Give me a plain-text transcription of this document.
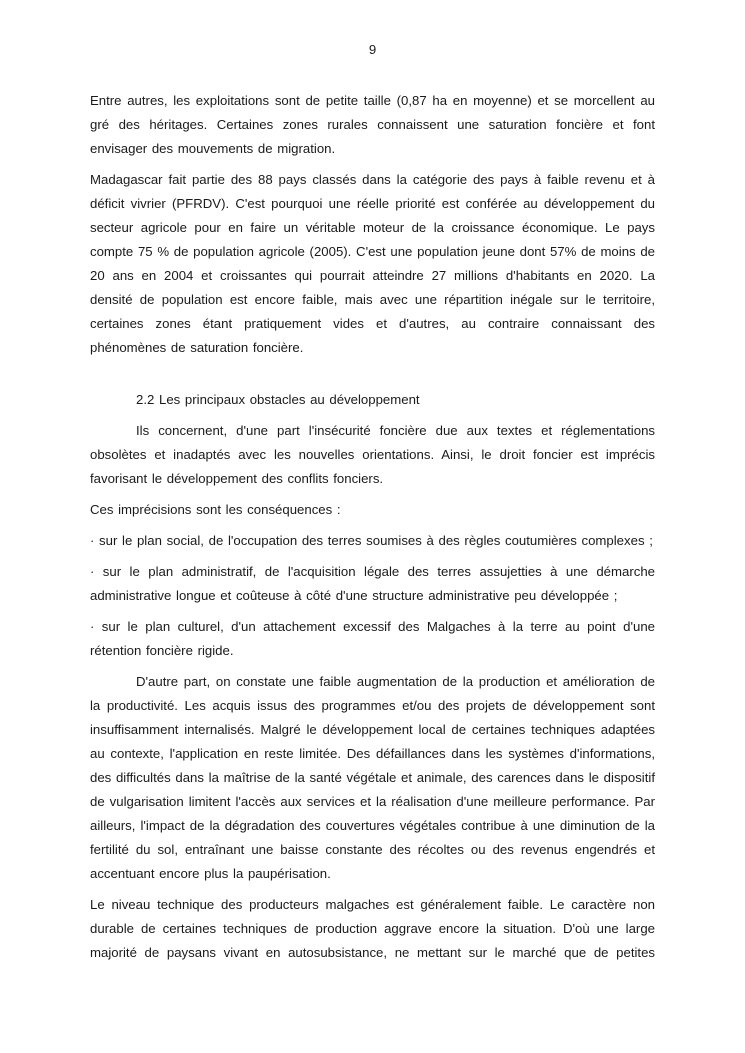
9

Entre autres, les exploitations sont de petite taille (0,87 ha en moyenne) et se morcellent au gré des héritages. Certaines zones rurales connaissent une saturation foncière et font envisager des mouvements de migration.

Madagascar fait partie des 88 pays classés dans la catégorie des pays à faible revenu et à déficit vivrier (PFRDV). C'est pourquoi une réelle priorité est conférée au développement du secteur agricole pour en faire un véritable moteur de la croissance économique. Le pays compte 75 % de population agricole (2005). C'est une population jeune dont 57% de moins de 20 ans en 2004 et croissantes qui pourrait atteindre 27 millions d'habitants en 2020. La densité de population est encore faible, mais avec une répartition inégale sur le territoire, certaines zones étant pratiquement vides et d'autres, au contraire connaissant des phénomènes de saturation foncière.

2.2 Les principaux obstacles au développement

Ils concernent, d'une part l'insécurité foncière due aux textes et réglementations obsolètes et inadaptés avec les nouvelles orientations. Ainsi, le droit foncier est imprécis favorisant le développement des conflits fonciers.

Ces imprécisions sont les conséquences :

· sur le plan social, de l'occupation des terres soumises à des règles coutumières complexes ;

· sur le plan administratif, de l'acquisition légale des terres assujetties à une démarche administrative longue et coûteuse à côté d'une structure administrative peu développée ;

· sur le plan culturel, d'un attachement excessif des Malgaches à la terre au point d'une rétention foncière rigide.

D'autre part, on constate une faible augmentation de la production et amélioration de la productivité. Les acquis issus des programmes et/ou des projets de développement sont insuffisamment internalisés. Malgré le développement local de certaines techniques adaptées au contexte, l'application en reste limitée. Des défaillances dans les systèmes d'informations, des difficultés dans la maîtrise de la santé végétale et animale, des carences dans le dispositif de vulgarisation limitent l'accès aux services et la réalisation d'une meilleure performance. Par ailleurs, l'impact de la dégradation des couvertures végétales contribue à une diminution de la fertilité du sol, entraînant une baisse constante des récoltes ou des revenus engendrés et accentuant encore plus la paupérisation.

Le niveau technique des producteurs malgaches est généralement faible. Le caractère non durable de certaines techniques de production aggrave encore la situation. D'où une large majorité de paysans vivant en autosubsistance, ne mettant sur le marché que de petites
